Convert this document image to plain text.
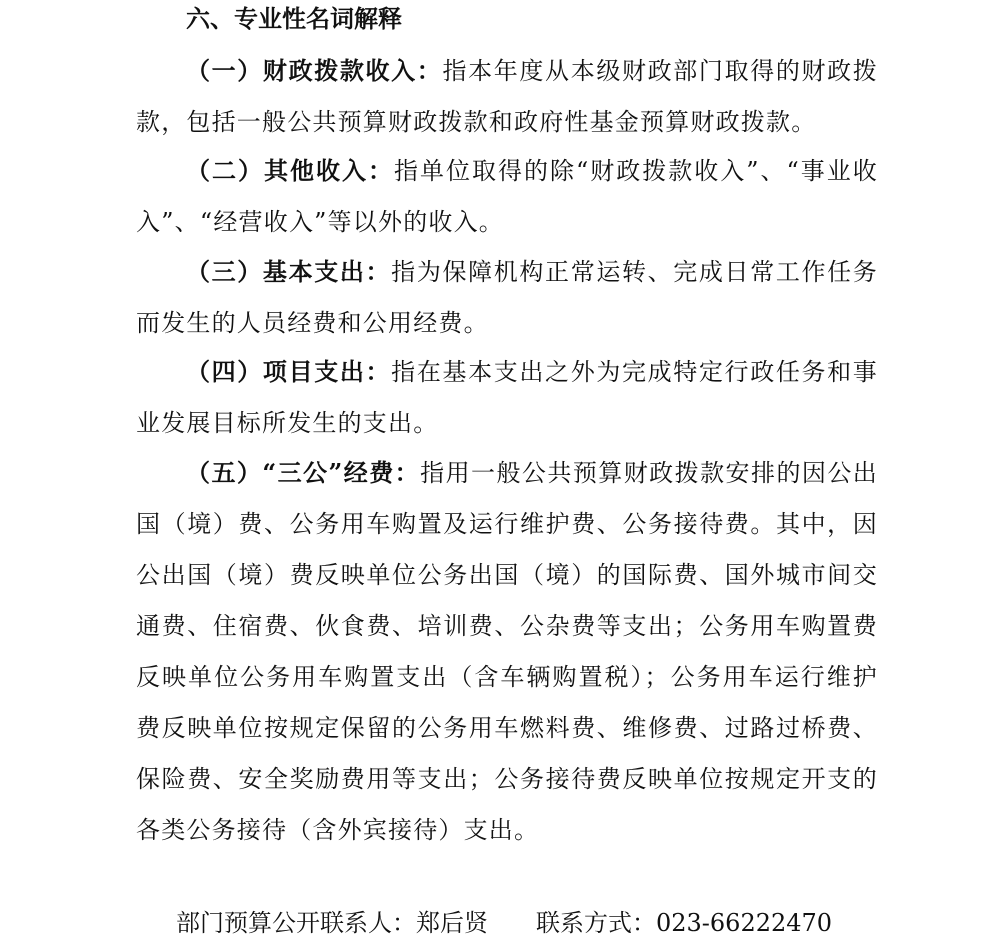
六、专业性名词解释
（一）财政拨款收入：指本年度从本级财政部门取得的财政拨款，包括一般公共预算财政拨款和政府性基金预算财政拨款。
（二）其他收入：指单位取得的除“财政拨款收入”、“事业收入”、“经营收入”等以外的收入。
（三）基本支出：指为保障机构正常运转、完成日常工作任务而发生的人员经费和公用经费。
（四）项目支出：指在基本支出之外为完成特定行政任务和事业发展目标所发生的支出。
（五）“三公”经费：指用一般公共预算财政拨款安排的因公出国（境）费、公务用车购置及运行维护费、公务接待费。其中，因公出国（境）费反映单位公务出国（境）的国际费、国外城市间交通费、住宿费、伙食费、培训费、公杂费等支出；公务用车购置费反映单位公务用车购置支出（含车辆购置税）；公务用车运行维护费反映单位按规定保留的公务用车燃料费、维修费、过路过桥费、保险费、安全奖励费用等支出；公务接待费反映单位按规定开支的各类公务接待（含外宾接待）支出。
部门预算公开联系人：郑后贤 联系方式：023-66222470
